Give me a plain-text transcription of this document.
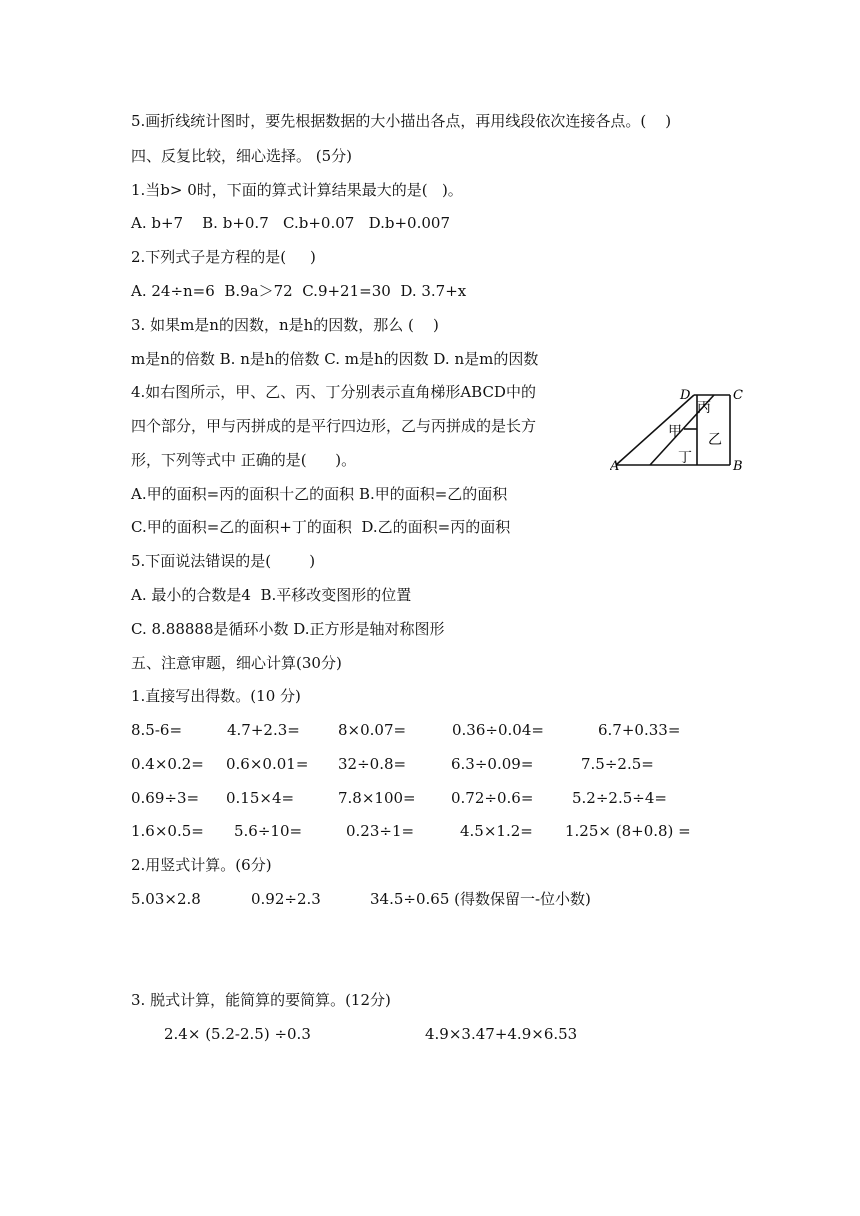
5.画折线统计图时，要先根据数据的大小描出各点，再用线段依次连接各点。(    )
四、反复比较，细心选择。 (5分)
1.当b> 0时，下面的算式计算结果最大的是(   )。
A. b+7    B. b+0.7   C.b+0.07   D.b+0.007
2.下列式子是方程的是(     )
A. 24÷n=6  B.9a＞72  C.9+21=30  D. 3.7+x
3. 如果m是n的因数，n是h的因数，那么 (    )
m是n的倍数 B. n是h的倍数 C. m是h的因数 D. n是m的因数
4.如右图所示，甲、乙、丙、丁分别表示直角梯形ABCD中的
四个部分，甲与丙拼成的是平行四边形，乙与丙拼成的是长方
形，下列等式中 正确的是(      )。
D	C
A	B
丙
甲 乙
丁
A.甲的面积=丙的面积十乙的面积 B.甲的面积=乙的面积
C.甲的面积=乙的面积+丁的面积  D.乙的面积=丙的面积
5.下面说法错误的是(        )
A. 最小的合数是4  B.平移改变图形的位置
C. 8.88888是循环小数 D.正方形是轴对称图形
五、注意审题，细心计算(30分)
1.直接写出得数。(10 分)
8.5-6=	4.7+2.3=	8×0.07=	0.36÷0.04=	6.7+0.33=
0.4×0.2= 0.6×0.01= 32÷0.8=	6.3÷0.09=	7.5÷2.5=
0.69÷3= 0.15×4=	7.8×100= 0.72÷0.6=	5.2÷2.5÷4=
1.6×0.5= 5.6÷10=	0.23÷1=	4.5×1.2= 1.25× (8+0.8) =
2.用竖式计算。(6分)
5.03×2.8	0.92÷2.3	34.5÷0.65 (得数保留一-位小数)
3. 脱式计算，能简算的要简算。(12分)
2.4× (5.2-2.5) ÷0.3	4.9×3.47+4.9×6.53
